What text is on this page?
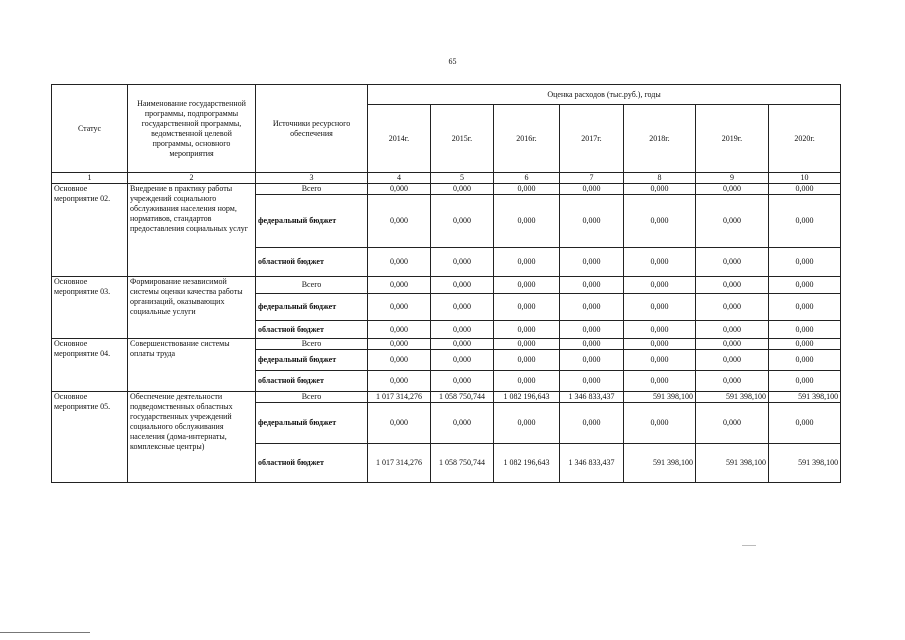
65
Статус	Наименование государственной программы, подпрограммы государственной программы, ведомственной целевой программы, основного мероприятия	Источники ресурсного обеспечения	Оценка расходов (тыс.руб.), годы						
			2014г.	2015г.	2016г.	2017г.	2018г.	2019г.	2020г.
1	2	3	4	5	6	7	8	9	10
Основное мероприятие 02.	Внедрение в практику работы учреждений социального обслуживания населения норм, нормативов, стандартов предоставления социальных услуг	Всего	0,000	0,000	0,000	0,000	0,000	0,000	0,000
		федеральный бюджет	0,000	0,000	0,000	0,000	0,000	0,000	0,000
		областной бюджет	0,000	0,000	0,000	0,000	0,000	0,000	0,000
Основное мероприятие 03.	Формирование независимой системы оценки качества работы организаций, оказывающих социальные услуги	Всего	0,000	0,000	0,000	0,000	0,000	0,000	0,000
		федеральный бюджет	0,000	0,000	0,000	0,000	0,000	0,000	0,000
		областной бюджет	0,000	0,000	0,000	0,000	0,000	0,000	0,000
Основное мероприятие 04.	Совершенствование системы оплаты труда	Всего	0,000	0,000	0,000	0,000	0,000	0,000	0,000
		федеральный бюджет	0,000	0,000	0,000	0,000	0,000	0,000	0,000
		областной бюджет	0,000	0,000	0,000	0,000	0,000	0,000	0,000
Основное мероприятие 05.	Обеспечение деятельности подведомственных областных государственных учреждений социального обслуживания населения (дома-интернаты, комплексные центры)	Всего	1 017 314,276	1 058 750,744	1 082 196,643	1 346 833,437	591 398,100	591 398,100	591 398,100
		федеральный бюджет	0,000	0,000	0,000	0,000	0,000	0,000	0,000
		областной бюджет	1 017 314,276	1 058 750,744	1 082 196,643	1 346 833,437	591 398,100	591 398,100	591 398,100
